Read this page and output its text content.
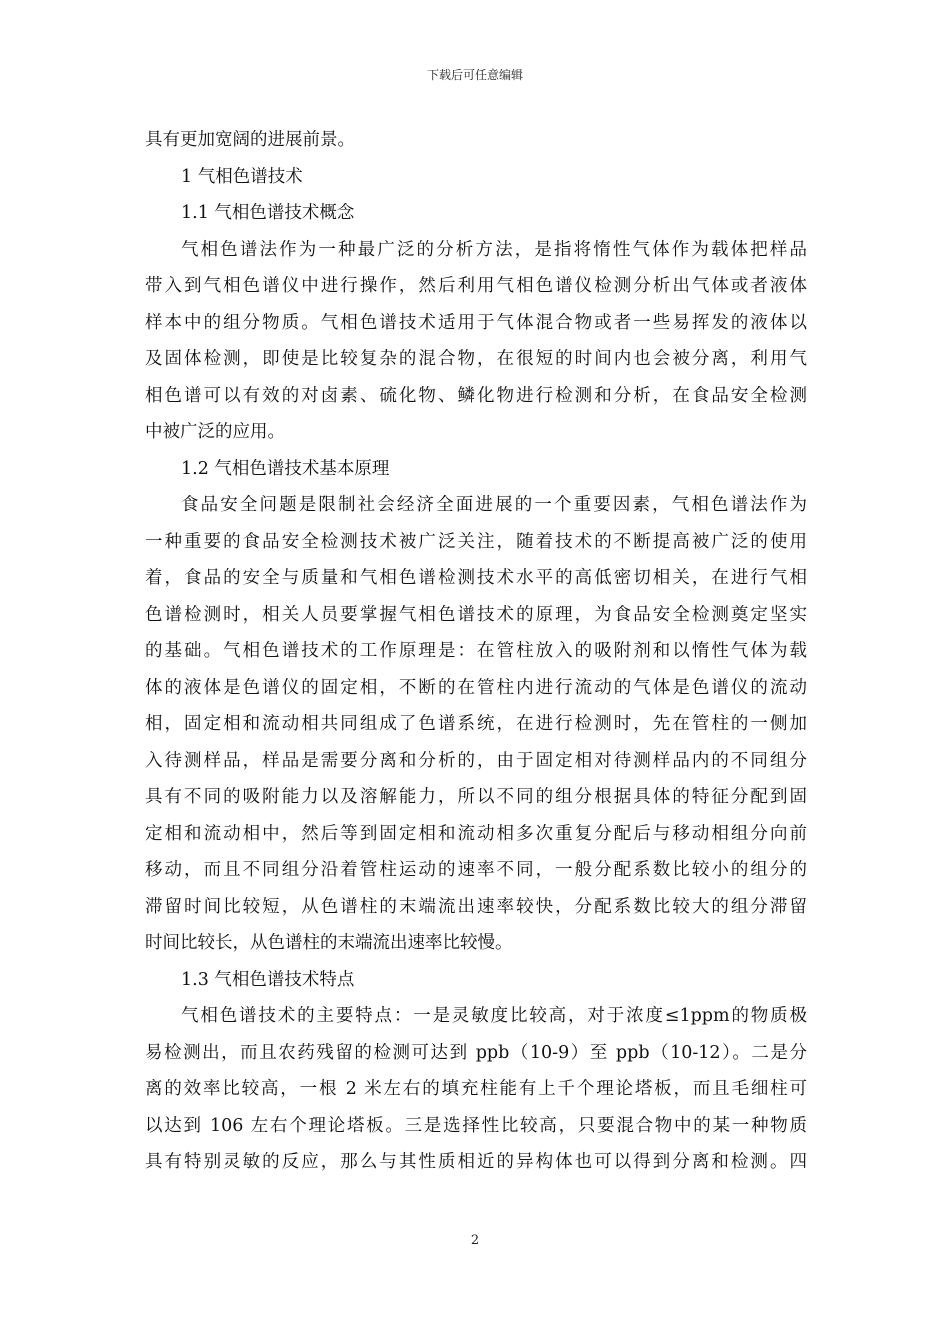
下载后可任意编辑
具有更加宽阔的进展前景。
1 气相色谱技术
1.1 气相色谱技术概念
气相色谱法作为一种最广泛的分析方法，是指将惰性气体作为载体把样品
带入到气相色谱仪中进行操作，然后利用气相色谱仪检测分析出气体或者液体
样本中的组分物质。气相色谱技术适用于气体混合物或者一些易挥发的液体以
及固体检测，即使是比较复杂的混合物，在很短的时间内也会被分离，利用气
相色谱可以有效的对卤素、硫化物、鳞化物进行检测和分析，在食品安全检测
中被广泛的应用。
1.2 气相色谱技术基本原理
食品安全问题是限制社会经济全面进展的一个重要因素，气相色谱法作为
一种重要的食品安全检测技术被广泛关注，随着技术的不断提高被广泛的使用
着，食品的安全与质量和气相色谱检测技术水平的高低密切相关，在进行气相
色谱检测时，相关人员要掌握气相色谱技术的原理，为食品安全检测奠定坚实
的基础。气相色谱技术的工作原理是：在管柱放入的吸附剂和以惰性气体为载
体的液体是色谱仪的固定相，不断的在管柱内进行流动的气体是色谱仪的流动
相，固定相和流动相共同组成了色谱系统，在进行检测时，先在管柱的一侧加
入待测样品，样品是需要分离和分析的，由于固定相对待测样品内的不同组分
具有不同的吸附能力以及溶解能力，所以不同的组分根据具体的特征分配到固
定相和流动相中，然后等到固定相和流动相多次重复分配后与移动相组分向前
移动，而且不同组分沿着管柱运动的速率不同，一般分配系数比较小的组分的
滞留时间比较短，从色谱柱的末端流出速率较快，分配系数比较大的组分滞留
时间比较长，从色谱柱的末端流出速率比较慢。
1.3 气相色谱技术特点
气相色谱技术的主要特点：一是灵敏度比较高，对于浓度≤1ppm的物质极
易检测出，而且农药残留的检测可达到 ppb（10-9）至 ppb（10-12）。二是分
离的效率比较高，一根 2 米左右的填充柱能有上千个理论塔板，而且毛细柱可
以达到 106 左右个理论塔板。三是选择性比较高，只要混合物中的某一种物质
具有特别灵敏的反应，那么与其性质相近的异构体也可以得到分离和检测。四
2
